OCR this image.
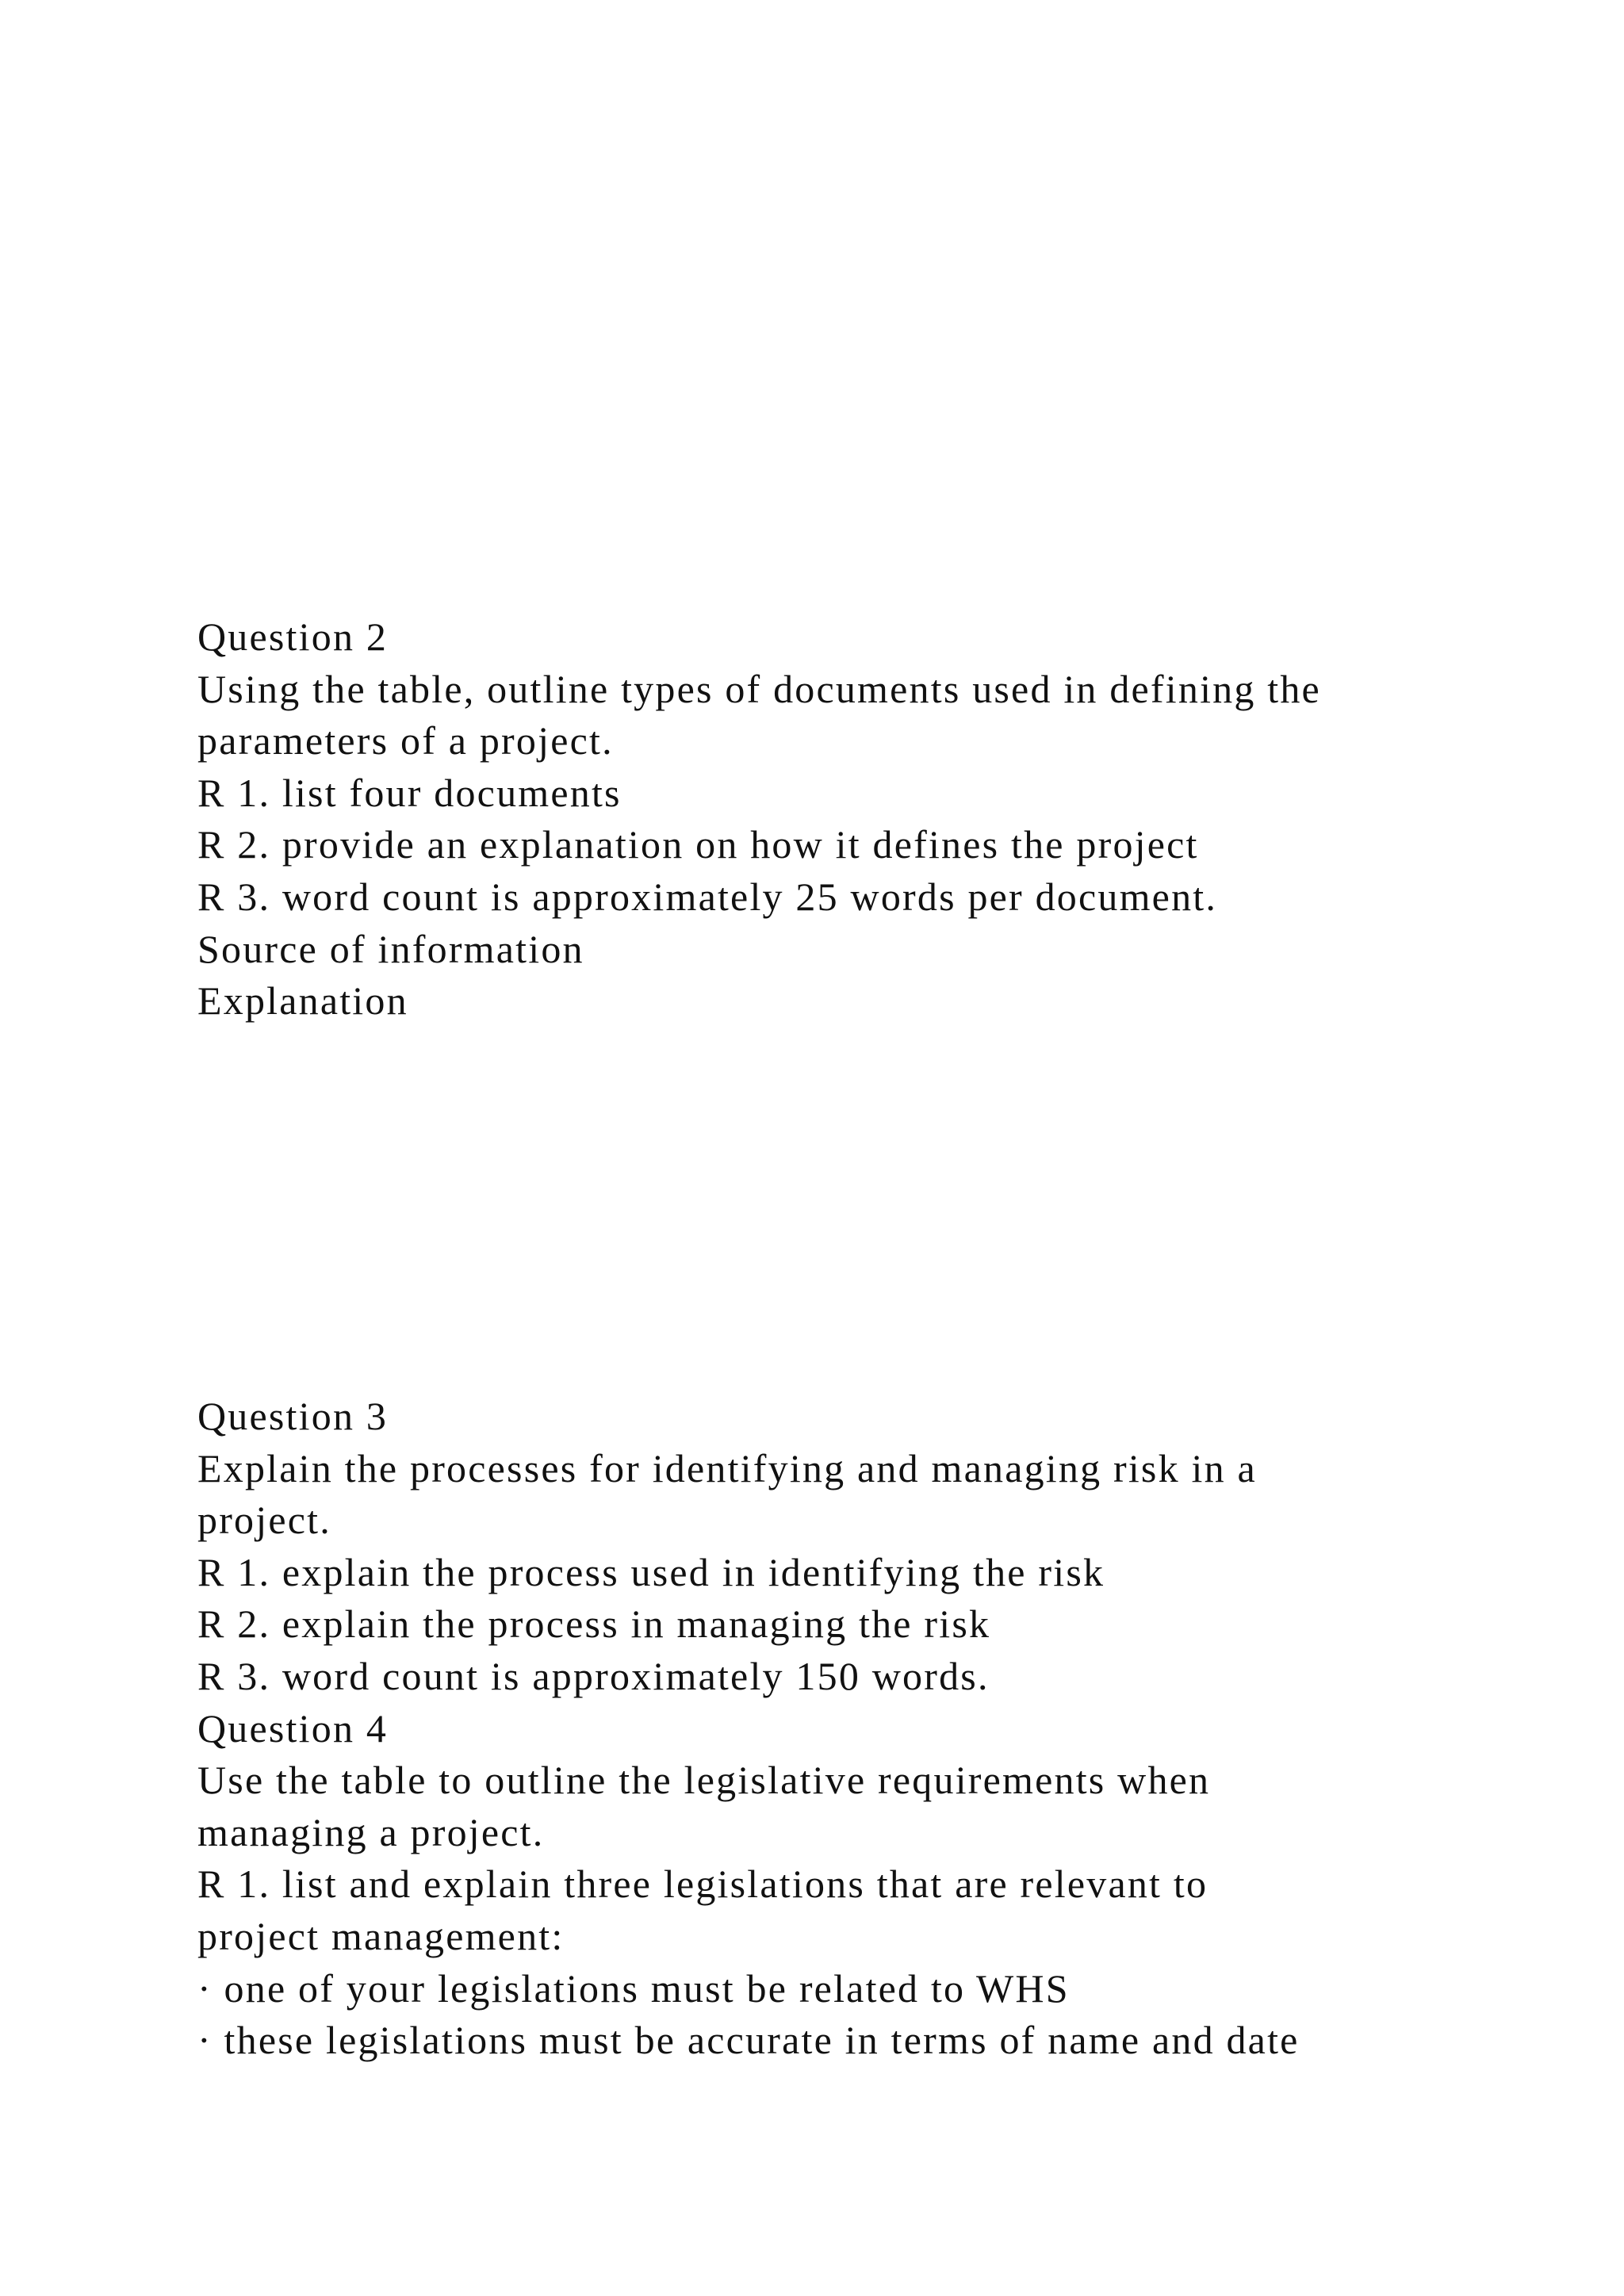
Question 2
Using the table, outline types of documents used in defining the
parameters of a project.
R 1. list four documents
R 2. provide an explanation on how it defines the project
R 3. word count is approximately 25 words per document.
Source of information
Explanation
Question 3
Explain the processes for identifying and managing risk in a
project.
R 1. explain the process used in identifying the risk
R 2. explain the process in managing the risk
R 3. word count is approximately 150 words.
Question 4
Use the table to outline the legislative requirements when
managing a project.
R 1. list and explain three legislations that are relevant to
project management:
· one of your legislations must be related to WHS
· these legislations must be accurate in terms of name and date
